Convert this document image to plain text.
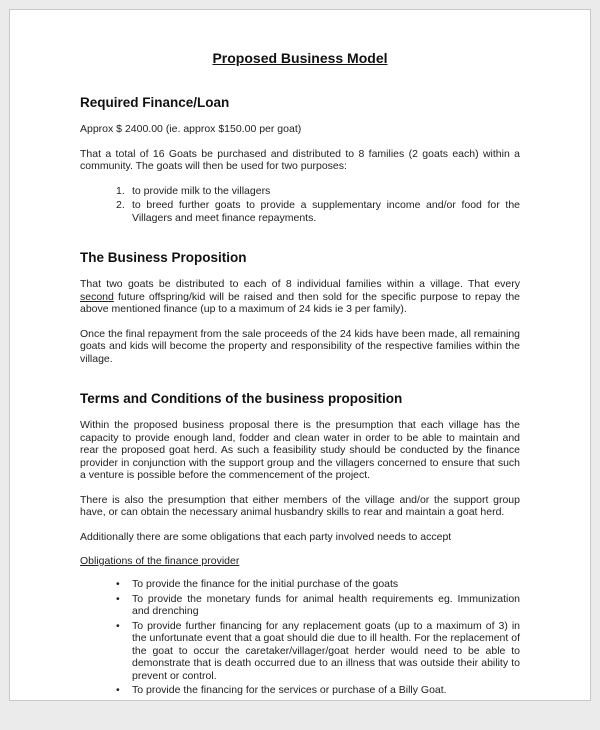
Proposed Business Model
Required Finance/Loan

Approx $ 2400.00 (ie. approx $150.00 per goat)

That a total of 16 Goats be purchased and distributed to 8 families (2 goats each) within a community. The goats will then be used for two purposes:

1. to provide milk to the villagers
2. to breed further goats to provide a supplementary income and/or food for the Villagers and meet finance repayments.
The Business Proposition

That two goats be distributed to each of 8 individual families within a village. That every second future offspring/kid will be raised and then sold for the specific purpose to repay the above mentioned finance (up to a maximum of 24 kids ie 3 per family).

Once the final repayment from the sale proceeds of the 24 kids have been made, all remaining goats and kids will become the property and responsibility of the respective families within the village.

Terms and Conditions of the business proposition

Within the proposed business proposal there is the presumption that each village has the capacity to provide enough land, fodder and clean water in order to be able to maintain and rear the proposed goat herd. As such a feasibility study should be conducted by the finance provider in conjunction with the support group and the villagers concerned to ensure that such a venture is possible before the commencement of the project.

There is also the presumption that either members of the village and/or the support group have, or can obtain the necessary animal husbandry skills to rear and maintain a goat herd.

Additionally there are some obligations that each party involved needs to accept

Obligations of the finance provider
•	To provide the finance for the initial purchase of the goats
•	To provide the monetary funds for animal health requirements eg. Immunization and drenching
•	To provide further financing for any replacement goats (up to a maximum of 3) in the unfortunate event that a goat should die due to ill health. For the replacement of the goat to occur the caretaker/villager/goat herder would need to be able to demonstrate that is death occurred due to an illness that was outside their ability to prevent or control.
•	To provide the financing for the services or purchase of a Billy Goat.
